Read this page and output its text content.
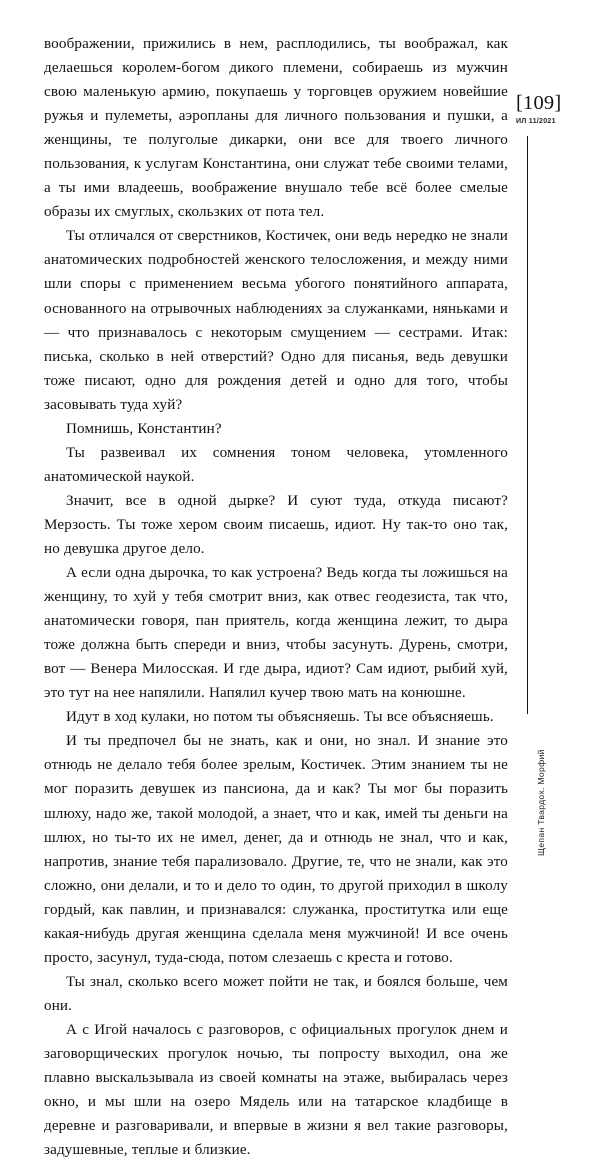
воображении, прижились в нем, расплодились, ты воображал, как делаешься королем-богом дикого племени, собираешь из мужчин свою маленькую армию, покупаешь у торговцев оружием новейшие ружья и пулеметы, аэропланы для личного пользования и пушки, а женщины, те полуголые дикарки, они все для твоего личного пользования, к услугам Константина, они служат тебе своими телами, а ты ими владеешь, воображение внушало тебе всё более смелые образы их смуглых, скользких от пота тел.

Ты отличался от сверстников, Костичек, они ведь нередко не знали анатомических подробностей женского телосложения, и между ними шли споры с применением весьма убогого понятийного аппарата, основанного на отрывочных наблюдениях за служанками, няньками и — что признавалось с некоторым смущением — сестрами. Итак: писька, сколько в ней отверстий? Одно для писанья, ведь девушки тоже писают, одно для рождения детей и одно для того, чтобы засовывать туда хуй?

Помнишь, Константин?

Ты развеивал их сомнения тоном человека, утомленного анатомической наукой.

Значит, все в одной дырке? И суют туда, откуда писают? Мерзость. Ты тоже хером своим писаешь, идиот. Ну так-то оно так, но девушка другое дело.

А если одна дырочка, то как устроена? Ведь когда ты ложишься на женщину, то хуй у тебя смотрит вниз, как отвес геодезиста, так что, анатомически говоря, пан приятель, когда женщина лежит, то дыра тоже должна быть спереди и вниз, чтобы засунуть. Дурень, смотри, вот — Венера Милосская. И где дыра, идиот? Сам идиот, рыбий хуй, это тут на нее напялили. Напялил кучер твою мать на конюшне.

Идут в ход кулаки, но потом ты объясняешь. Ты все объясняешь.

И ты предпочел бы не знать, как и они, но знал. И знание это отнюдь не делало тебя более зрелым, Костичек. Этим знанием ты не мог поразить девушек из пансиона, да и как? Ты мог бы поразить шлюху, надо же, такой молодой, а знает, что и как, имей ты деньги на шлюх, но ты-то их не имел, денег, да и отнюдь не знал, что и как, напротив, знание тебя парализовало. Другие, те, что не знали, как это сложно, они делали, и то и дело то один, то другой приходил в школу гордый, как павлин, и признавался: служанка, проститутка или еще какая-нибудь другая женщина сделала меня мужчиной! И все очень просто, засунул, туда-сюда, потом слезаешь с креста и готово.

Ты знал, сколько всего может пойти не так, и боялся больше, чем они.

А с Игой началось с разговоров, с официальных прогулок днем и заговорщических прогулок ночью, ты попросту выходил, она же плавно выскальзывала из своей комнаты на этаже, выбиралась через окно, и мы шли на озеро Мядель или на татарское кладбище в деревне и разговаривали, и впервые в жизни я вел такие разговоры, задушевные, теплые и близкие.

[109]
ИЛ 11/2021
Щепан Твардох. Морфий
